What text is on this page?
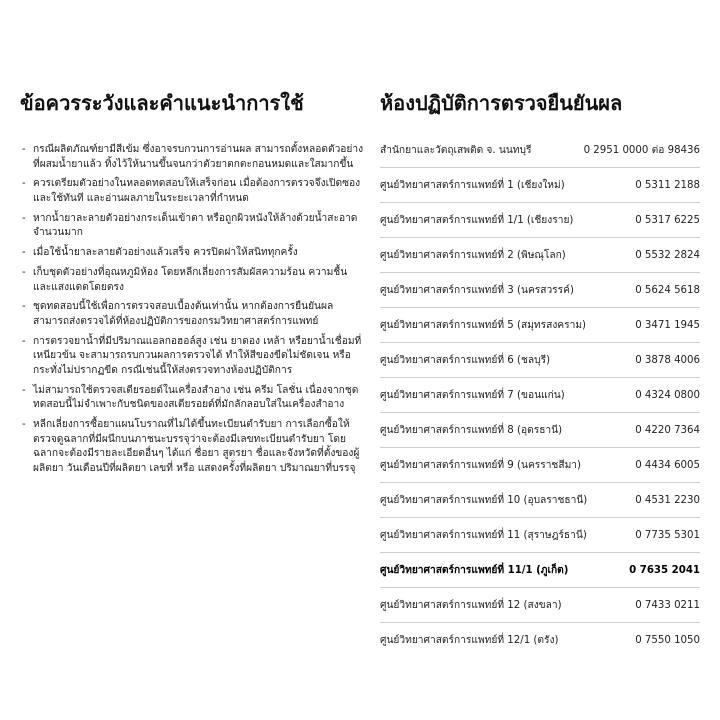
ข้อควรระวังและคำแนะนำการใช้
- กรณีผลิตภัณฑ์ยามีสีเข้ม ซึ่งอาจรบกวนการอ่านผล สามารถตั้งหลอดตัวอย่างที่ผสมน้ำยาแล้ว ทิ้งไว้ให้นานขึ้นจนกว่าตัวยาตกตะกอนหมดและใสมากขึ้น
- ควรเตรียมตัวอย่างในหลอดทดสอบให้เสร็จก่อน เมื่อต้องการตรวจจึงเปิดซองและใช้ทันที และอ่านผลภายในระยะเวลาที่กำหนด
- หากน้ำยาละลายตัวอย่างกระเด็นเข้าตา หรือถูกผิวหนังให้ล้างด้วยน้ำสะอาดจำนวนมาก
- เมื่อใช้น้ำยาละลายตัวอย่างแล้วเสร็จ ควรปิดฝาให้สนิททุกครั้ง
- เก็บชุดตัวอย่างที่อุณหภูมิห้อง โดยหลีกเลี่ยงการสัมผัสความร้อน ความชื้น และแสงแดดโดยตรง
- ชุดทดสอบนี้ใช้เพื่อการตรวจสอบเบื้องต้นเท่านั้น หากต้องการยืนยันผลสามารถส่งตรวจได้ที่ห้องปฏิบัติการของกรมวิทยาศาสตร์การแพทย์
- การตรวจยาน้ำที่มีปริมาณแอลกอฮอล์สูง เช่น ยาดอง เหล้า หรือยาน้ำเชื่อมที่เหนียวข้น จะสามารถรบกวนผลการตรวจได้ ทำให้สีของขีดไม่ชัดเจน หรือกระทั่งไม่ปรากฏขีด กรณีเช่นนี้ให้ส่งตรวจทางห้องปฏิบัติการ
- ไม่สามารถใช้ตรวจสเตียรอยด์ในเครื่องสำอาง เช่น ครีม โลชั่น เนื่องจากชุดทดสอบนี้ไม่จำเพาะกับชนิดของสเตียรอยด์ที่มักลักลอบใส่ในเครื่องสำอาง
- หลีกเลี่ยงการซื้อยาแผนโบราณที่ไม่ได้ขึ้นทะเบียนตำรับยา การเลือกซื้อให้ตรวจดูฉลากที่มีผนึกบนภาชนะบรรจุว่าจะต้องมีเลขทะเบียนตำรับยา โดยฉลากจะต้องมีรายละเอียดอื่นๆ ได้แก่ ชื่อยา สูตรยา ชื่อและจังหวัดที่ตั้งของผู้ผลิตยา วันเดือนปีที่ผลิตยา เลขที่ หรือ แสดงครั้งที่ผลิตยา ปริมาณยาที่บรรจุ
ห้องปฏิบัติการตรวจยืนยันผล
สำนักยาและวัตถุเสพติด จ. นนทบุรี	0 2951 0000 ต่อ 98436
ศูนย์วิทยาศาสตร์การแพทย์ที่ 1 (เชียงใหม่)	0 5311 2188
ศูนย์วิทยาศาสตร์การแพทย์ที่ 1/1 (เชียงราย)	0 5317 6225
ศูนย์วิทยาศาสตร์การแพทย์ที่ 2 (พิษณุโลก)	0 5532 2824
ศูนย์วิทยาศาสตร์การแพทย์ที่ 3 (นครสวรรค์)	0 5624 5618
ศูนย์วิทยาศาสตร์การแพทย์ที่ 5 (สมุทรสงคราม)	0 3471 1945
ศูนย์วิทยาศาสตร์การแพทย์ที่ 6 (ชลบุรี)	0 3878 4006
ศูนย์วิทยาศาสตร์การแพทย์ที่ 7 (ขอนแก่น)	0 4324 0800
ศูนย์วิทยาศาสตร์การแพทย์ที่ 8 (อุดรธานี)	0 4220 7364
ศูนย์วิทยาศาสตร์การแพทย์ที่ 9 (นครราชสีมา)	0 4434 6005
ศูนย์วิทยาศาสตร์การแพทย์ที่ 10 (อุบลราชธานี)	0 4531 2230
ศูนย์วิทยาศาสตร์การแพทย์ที่ 11 (สุราษฎร์ธานี)	0 7735 5301
ศูนย์วิทยาศาสตร์การแพทย์ที่ 11/1 (ภูเก็ต)	0 7635 2041
ศูนย์วิทยาศาสตร์การแพทย์ที่ 12 (สงขลา)	0 7433 0211
ศูนย์วิทยาศาสตร์การแพทย์ที่ 12/1 (ตรัง)	0 7550 1050
